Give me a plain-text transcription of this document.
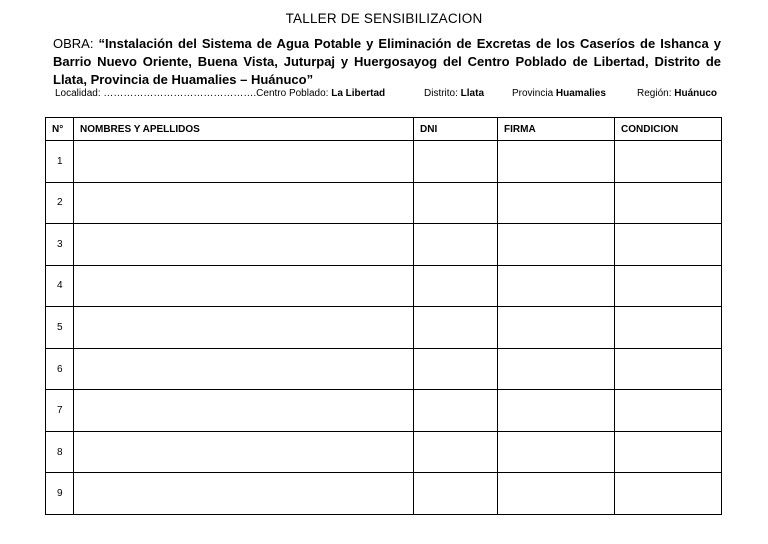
TALLER DE SENSIBILIZACION
OBRA: “Instalación del Sistema de Agua Potable y Eliminación de Excretas de los Caseríos de Ishanca y Barrio Nuevo Oriente, Buena Vista, Juturpaj y Huergosayog del Centro Poblado de Libertad, Distrito de Llata, Provincia de Huamalies – Huánuco”
Localidad: ……………………………………….Centro Poblado: La Libertad	Distrito: Llata	Provincia Huamalies	Región: Huánuco
N°	NOMBRES Y APELLIDOS	DNI	FIRMA	CONDICION
1				
2				
3				
4				
5				
6				
7				
8				
9				
